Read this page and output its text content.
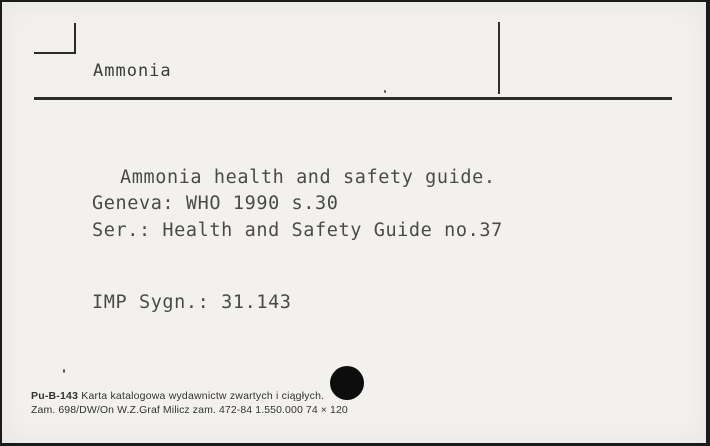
Ammonia
Ammonia health and safety guide.
Geneva: WHO 1990 s.30
Ser.: Health and Safety Guide no.37
IMP Sygn.: 31.143
Pu-B-143 Karta katalogowa wydawnictw zwartych i ciągłych.
Zam. 698/DW/On W.Z.Graf Milicz zam. 472-84 1.550.000 74 × 120
